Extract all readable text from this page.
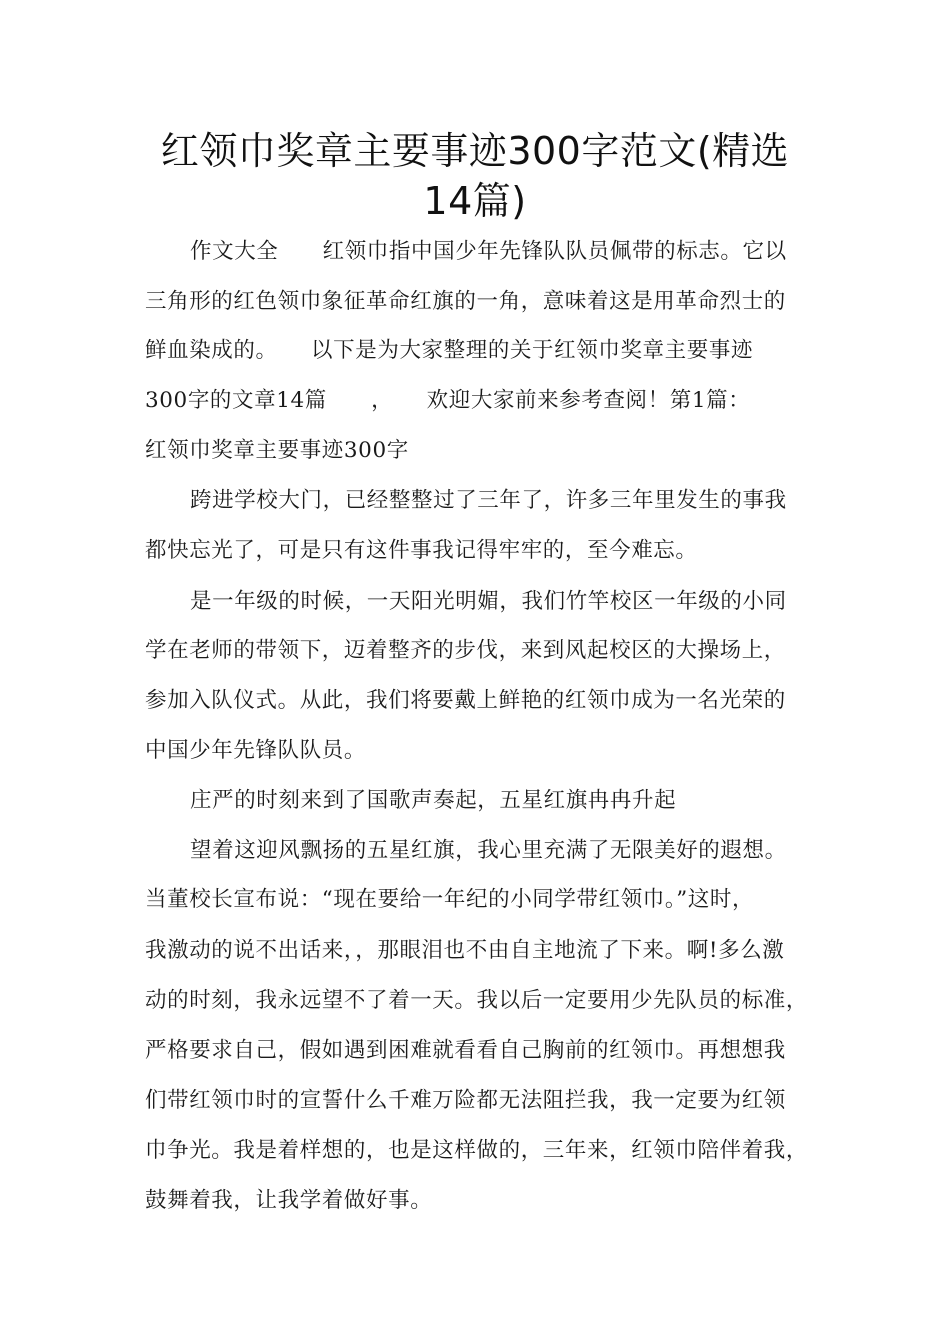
红领巾奖章主要事迹300字范文(精选
14篇)
作文大全　　红领巾指中国少年先锋队队员佩带的标志。它以
三角形的红色领巾象征革命红旗的一角，意味着这是用革命烈士的
鲜血染成的。　　以下是为大家整理的关于红领巾奖章主要事迹
300字的文章14篇　　，　　欢迎大家前来参考查阅！第1篇：
红领巾奖章主要事迹300字
跨进学校大门，已经整整过了三年了，许多三年里发生的事我
都快忘光了，可是只有这件事我记得牢牢的，至今难忘。
是一年级的时候，一天阳光明媚，我们竹竿校区一年级的小同
学在老师的带领下，迈着整齐的步伐，来到风起校区的大操场上，
参加入队仪式。从此，我们将要戴上鲜艳的红领巾成为一名光荣的
中国少年先锋队队员。
庄严的时刻来到了国歌声奏起，五星红旗冉冉升起
望着这迎风飘扬的五星红旗，我心里充满了无限美好的遐想。
当董校长宣布说：“现在要给一年纪的小同学带红领巾。”这时，
我激动的说不出话来，，那眼泪也不由自主地流了下来。啊!多么激
动的时刻，我永远望不了着一天。我以后一定要用少先队员的标准，
严格要求自己，假如遇到困难就看看自己胸前的红领巾。再想想我
们带红领巾时的宣誓什么千难万险都无法阻拦我，我一定要为红领
巾争光。我是着样想的，也是这样做的，三年来，红领巾陪伴着我，
鼓舞着我，让我学着做好事。
